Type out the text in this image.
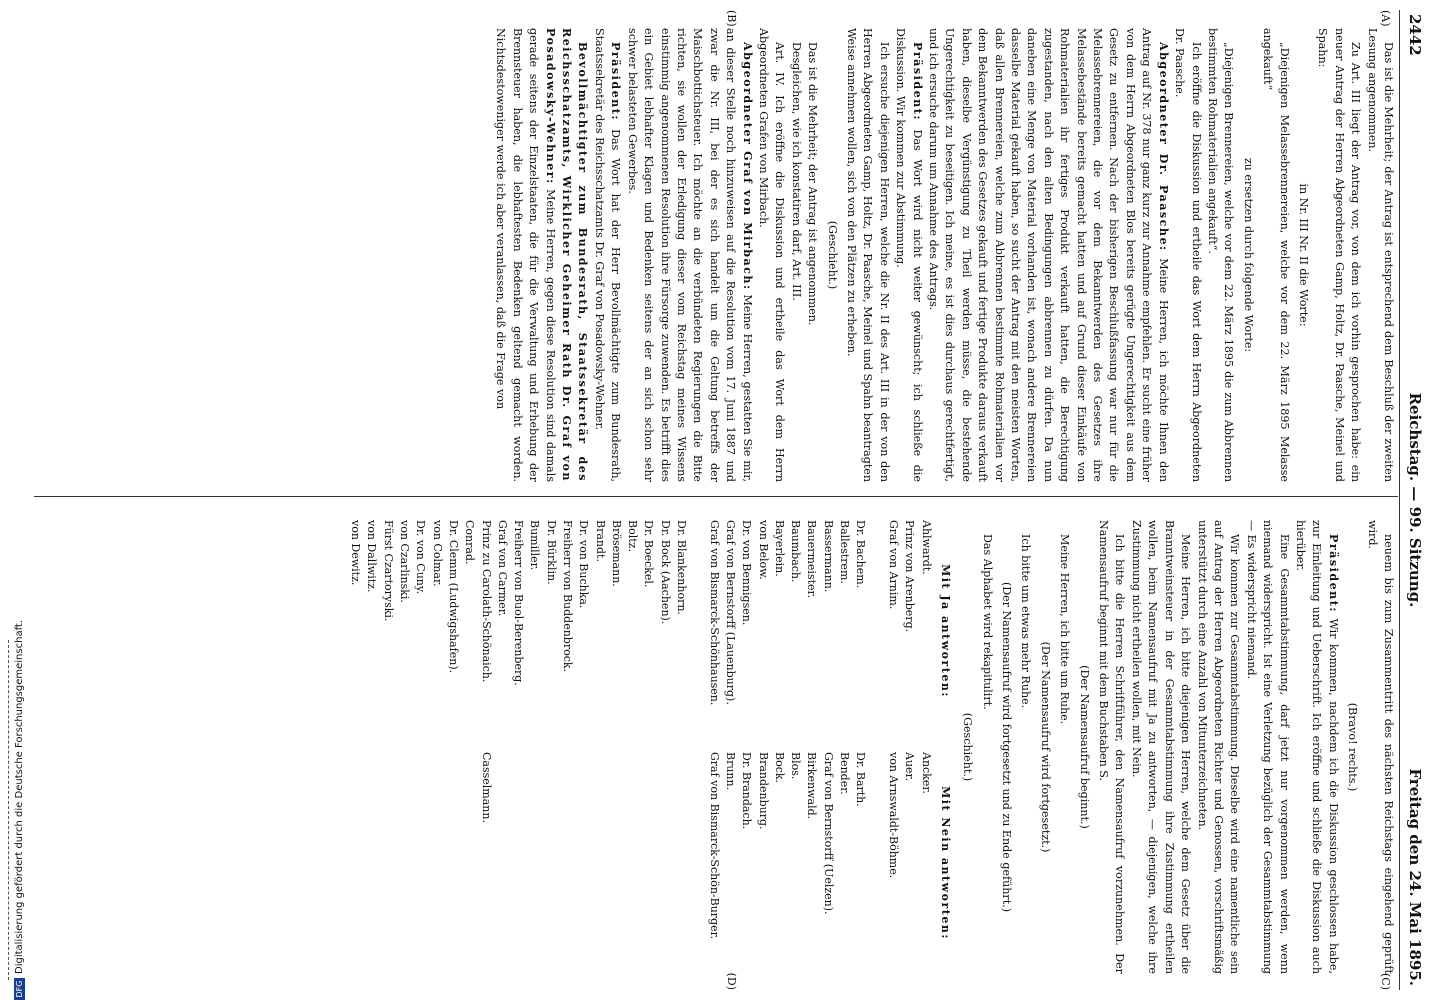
2442
Reichstag. — 99. Sitzung.
Freitag den 24. Mai 1895.
(A)
(B)
(C)
(D)

Das ist die Mehrheit; der Antrag ist entsprechend dem Beschluß der zweiten Lesung angenommen.

Zu Art. III liegt der Antrag vor, von dem ich vorhin gesprochen habe: ein neuer Antrag der Herren Abgeordneten Gamp, Holtz, Dr. Paasche, Meinel und Spahn:

in Nr. III Nr. II die Worte:

„Diejenigen Melassebrennereien, welche vor dem 22. März 1895 Melasse angekauft“

zu ersetzen durch folgende Worte:

„Diejenigen Brennereien, welche vor dem 22. März 1895 die zum Abbrennen bestimmten Rohmaterialien angekauft“.

Ich eröffne die Diskussion und ertheile das Wort dem Herrn Abgeordneten Dr. Paasche.

Abgeordneter Dr. Paasche: Meine Herren, ich möchte Ihnen den Antrag auf Nr. 378 nur ganz kurz zur Annahme empfehlen. Er sucht eine früher von dem Herrn Abgeordneten Blos bereits gerügte Ungerechtigkeit aus dem Gesetz zu entfernen. Nach der bisherigen Beschlußfassung war nur für die Melassebrennereien, die vor dem Bekanntwerden des Gesetzes ihre Melassebestände bereits gemacht hatten und auf Grund dieser Einkäufe von Rohmaterialien ihr fertiges Produkt verkauft hatten, die Berechtigung zugestanden, nach den alten Bedingungen abbrennen zu dürfen. Da nun daneben eine Menge von Material vorhanden ist, wonach andere Brennereien dasselbe Material gekauft haben, so sucht der Antrag mit den meisten Worten, daß allen Brennereien, welche zum Abbrennen bestimmte Rohmaterialien vor dem Bekanntwerden des Gesetzes gekauft und fertige Produkte daraus verkauft haben, dieselbe Vergünstigung zu Theil werden müsse, die bestehende Ungerechtigkeit zu beseitigen. Ich meine, es ist dies durchaus gerechtfertigt, und ich ersuche darum um Annahme des Antrags.

Präsident: Das Wort wird nicht weiter gewünscht; ich schließe die Diskussion. Wir kommen zur Abstimmung.

Ich ersuche diejenigen Herren, welche die Nr. II des Art. III in der von den Herren Abgeordneten Gamp, Holtz, Dr. Paasche, Meinel und Spahn beantragten Weise annehmen wollen, sich von den Plätzen zu erheben.

(Geschieht.)

Das ist die Mehrheit; der Antrag ist angenommen.

Desgleichen, wie ich konstatiren darf, Art. III.

Art. IV. Ich eröffne die Diskussion und ertheile das Wort dem Herrn Abgeordneten Grafen von Mirbach.

Abgeordneter Graf von Mirbach: Meine Herren, gestatten Sie mir, an dieser Stelle noch hinzuweisen auf die Resolution vom 17. Juni 1887 und zwar die Nr. III, bei der es sich handelt um die Geltung betreffs der Maischbottichsteuer. Ich möchte an die verbündeten Regierungen die Bitte richten, sie wollen der Erledigung dieser vom Reichstag meines Wissens einstimmig angenommenen Resolution ihre Fürsorge zuwenden. Es betrifft dies ein Gebiet lebhafter Klagen und Bedenken seitens der an sich schon sehr schwer belasteten Gewerbes.

Präsident: Das Wort hat der Herr Bevollmächtigte zum Bundesrath, Staatssekretär des Reichsschatzamts Dr. Graf von Posadowsky-Wehner.

Bevollmächtigter zum Bundesrath, Staatssekretär des Reichsschatzamts, Wirklicher Geheimer Rath Dr. Graf von Posadowsky-Wehner: Meine Herren, gegen diese Resolution sind damals gerade seitens der Einzelstaaten, die für die Verwaltung und Erhebung der Brennsteuer haben, die lebhaftesten Bedenken geltend gemacht worden. Nichtsdestoweniger werde ich aber veranlassen, daß die Frage von

neuem bis zum Zusammentritt des nächsten Reichstags eingehend geprüft wird.

(Bravo! rechts.)

Präsident: Wir kommen, nachdem ich die Diskussion geschlossen habe, zur Einleitung und Ueberschrift. Ich eröffne und schließe die Diskussion auch hierüber.

Eine Gesammtabstimmung, darf jetzt nur vorgenommen werden, wenn niemand widerspricht. Ist eine Verletzung bezüglich der Gesammtabstimmung — Es widerspricht niemand.

Wir kommen zur Gesammtabstimmung. Dieselbe wird eine namentliche sein auf Antrag der Herren Abgeordneten Richter und Genossen, vorschriftsmäßig unterstützt durch eine Anzahl von Mitunterzeichneten.

Meine Herren, ich bitte diejenigen Herren, welche dem Gesetz über die Branntweinsteuer in der Gesammtabstimmung ihre Zustimmung ertheilen wollen, beim Namensaufruf mit Ja zu antworten, — diejenigen, welche ihre Zustimmung nicht ertheilen wollen, mit Nein.

Ich bitte die Herren Schriftführer, den Namensaufruf vorzunehmen. Der Namensaufruf beginnt mit dem Buchstaben S.

(Der Namensaufruf beginnt.)

Meine Herren, ich bitte um Ruhe.

(Der Namensaufruf wird fortgesetzt.)

Ich bitte um etwas mehr Ruhe.

(Der Namensaufruf wird fortgesetzt und zu Ende geführt.)

Das Alphabet wird rekapitulirt.

(Geschieht.)

Mit Ja antworten:
Mit Nein antworten:
Ahlwardt.
Prinz von Arenberg.
Graf von Arnim.

Dr. Bachem.
Ballestrem.
Bassermann.
Bauermeister.
Baumbach.
Bayerlein.
von Below.
Dr. von Bennigsen.
Graf von Bernstorff (Lauenburg).
Graf von Bismarck-Schönhausen.

Dr. Blankenhorn.
Dr. Bock (Aachen).
Dr. Boeckel.
Boltz.
Brösemann.
Brandt.
Dr. von Buchka.
Freiherr von Buddenbrock.
Dr. Bürklin.
Bumiller.
Freiherr von Buol-Berenberg.
Graf von Carmer.
Prinz zu Carolath-Schönaich.
Conrad.
Dr. Clemm (Ludwigshafen).
von Colmar.
Dr. von Cuny.
von Czarlinski.
Fürst Czartoryski.
von Dallwitz.
von Dewitz.
Ancker.
Auer.
von Arnswaldt-Böhme.

Dr. Barth.
Bender.
Graf von Bernstorff (Uelzen).
Birkenwald.
Blos.
Bock.
Brandenburg.
Dr. Brandach.
Brunn.
Graf von Bismarck-Schön-Burger.

Casselmann.
DFGDigitalisierung gefördert durch die Deutsche Forschungsgemeinschaft.
